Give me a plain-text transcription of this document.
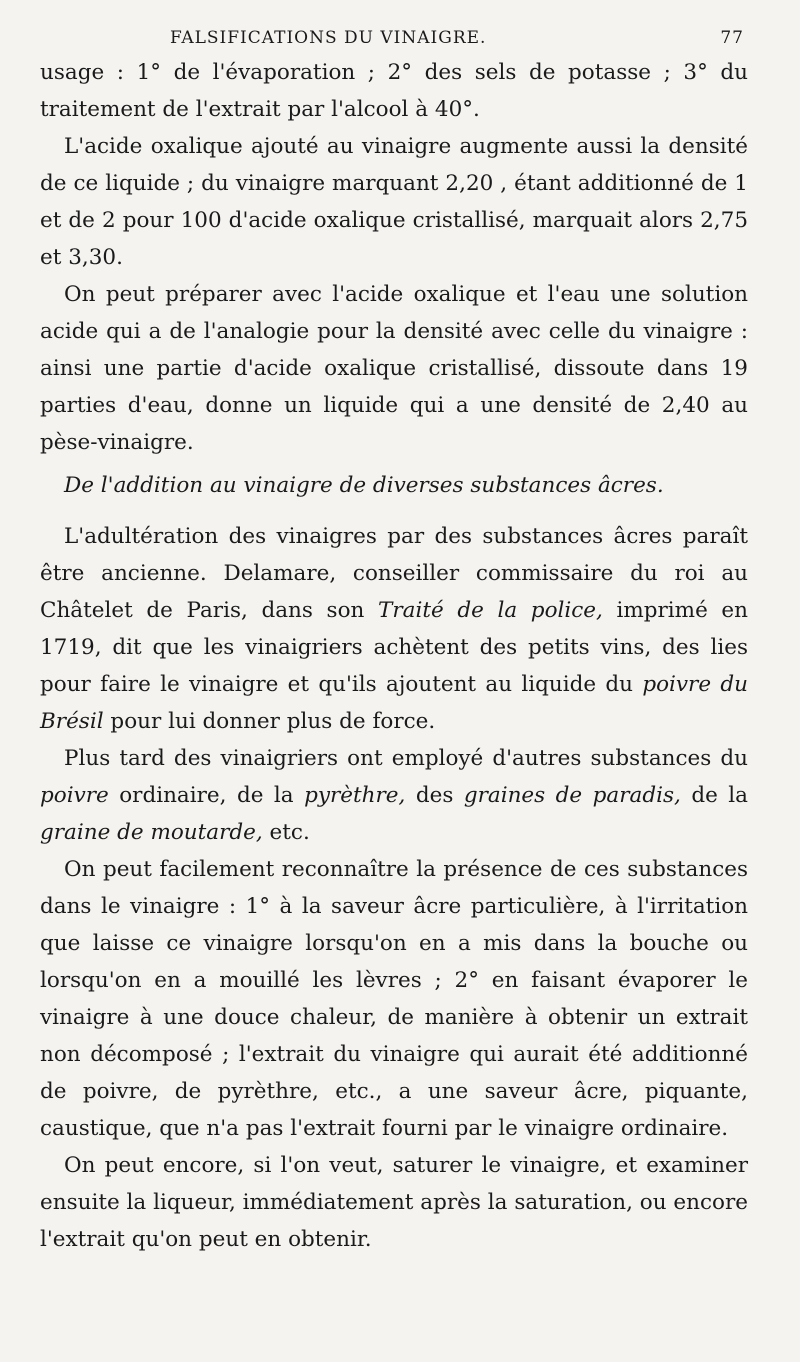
FALSIFICATIONS DU VINAIGRE.	77

usage : 1° de l'évaporation ; 2° des sels de potasse ; 3° du traitement de l'extrait par l'alcool à 40°.

L'acide oxalique ajouté au vinaigre augmente aussi la densité de ce liquide ; du vinaigre marquant 2,20 , étant additionné de 1 et de 2 pour 100 d'acide oxalique cristallisé, marquait alors 2,75 et 3,30.

On peut préparer avec l'acide oxalique et l'eau une solution acide qui a de l'analogie pour la densité avec celle du vinaigre : ainsi une partie d'acide oxalique cristallisé, dissoute dans 19 parties d'eau, donne un liquide qui a une densité de 2,40 au pèse-vinaigre.

De l'addition au vinaigre de diverses substances âcres.

L'adultération des vinaigres par des substances âcres paraît être ancienne. Delamare, conseiller commissaire du roi au Châtelet de Paris, dans son Traité de la police, imprimé en 1719, dit que les vinaigriers achètent des petits vins, des lies pour faire le vinaigre et qu'ils ajoutent au liquide du poivre du Brésil pour lui donner plus de force.

Plus tard des vinaigriers ont employé d'autres substances du poivre ordinaire, de la pyrèthre, des graines de paradis, de la graine de moutarde, etc.

On peut facilement reconnaître la présence de ces substances dans le vinaigre : 1° à la saveur âcre particulière, à l'irritation que laisse ce vinaigre lorsqu'on en a mis dans la bouche ou lorsqu'on en a mouillé les lèvres ; 2° en faisant évaporer le vinaigre à une douce chaleur, de manière à obtenir un extrait non décomposé ; l'extrait du vinaigre qui aurait été additionné de poivre, de pyrèthre, etc., a une saveur âcre, piquante, caustique, que n'a pas l'extrait fourni par le vinaigre ordinaire.

On peut encore, si l'on veut, saturer le vinaigre, et examiner ensuite la liqueur, immédiatement après la saturation, ou encore l'extrait qu'on peut en obtenir.
